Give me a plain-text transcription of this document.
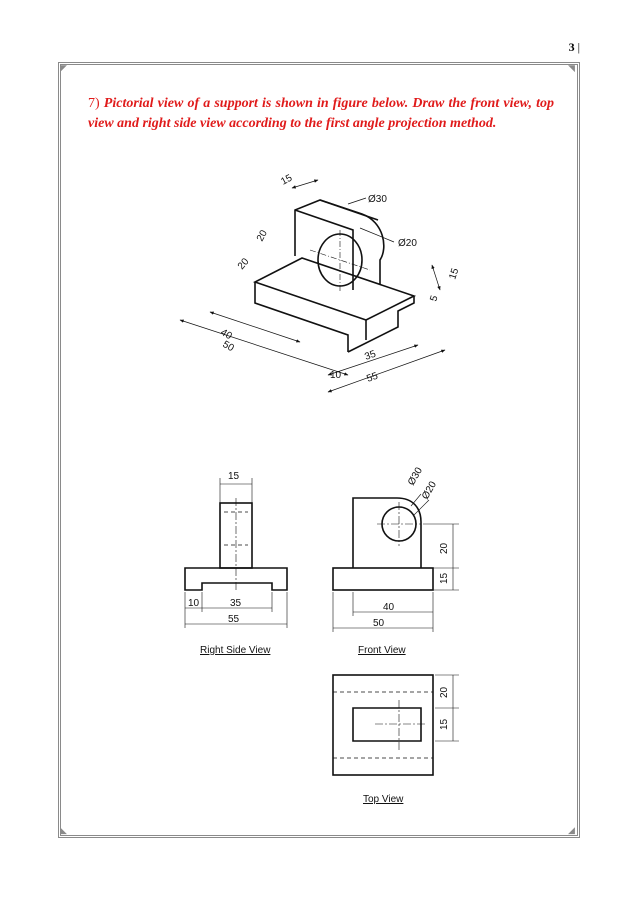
3 |
◤	◥
◣	◢
7) Pictorial view of a support is shown in figure below. Draw the front view, top view and right side view according to the first angle projection method.
15
Ø30
Ø20
20
20
15
5
40
50
35
10 55
15
10	35
55
Right Side View
Ø30
Ø20
20
15
40
50
Front View
20
15
Top View
